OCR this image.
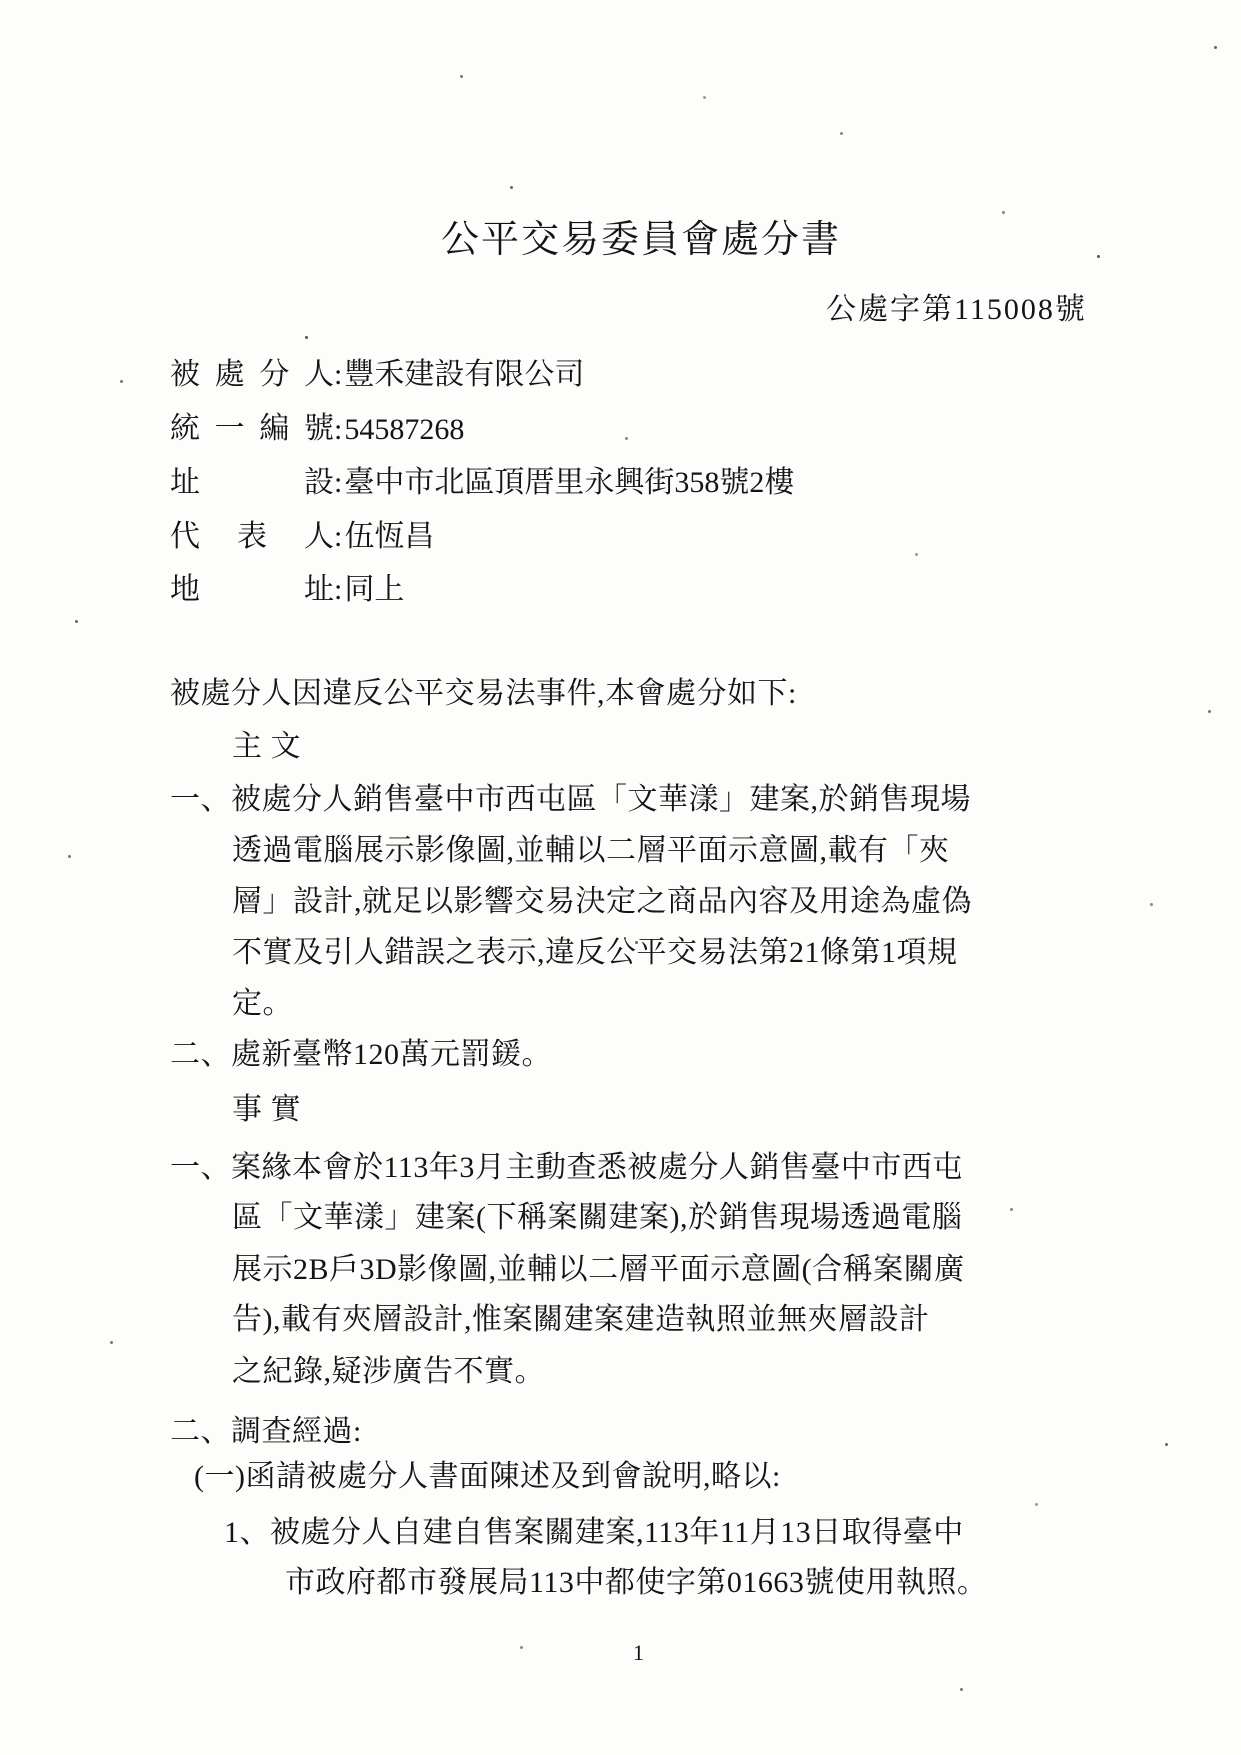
公平交易委員會處分書
公處字第115008號
被處分人:豐禾建設有限公司
統一編號:54587268
址設:臺中市北區頂厝里永興街358號2樓
代表人:伍恆昌
地址:同上
被處分人因違反公平交易法事件,本會處分如下:
主 文
一、被處分人銷售臺中市西屯區「文華漾」建案,於銷售現場
透過電腦展示影像圖,並輔以二層平面示意圖,載有「夾
層」設計,就足以影響交易決定之商品內容及用途為虛偽
不實及引人錯誤之表示,違反公平交易法第21條第1項規
定。
二、處新臺幣120萬元罰鍰。
事 實
一、案緣本會於113年3月主動查悉被處分人銷售臺中市西屯
區「文華漾」建案(下稱案關建案),於銷售現場透過電腦
展示2B戶3D影像圖,並輔以二層平面示意圖(合稱案關廣
告),載有夾層設計,惟案關建案建造執照並無夾層設計
之紀錄,疑涉廣告不實。
二、調查經過:
(一)函請被處分人書面陳述及到會說明,略以:
1、被處分人自建自售案關建案,113年11月13日取得臺中
市政府都市發展局113中都使字第01663號使用執照。
1
